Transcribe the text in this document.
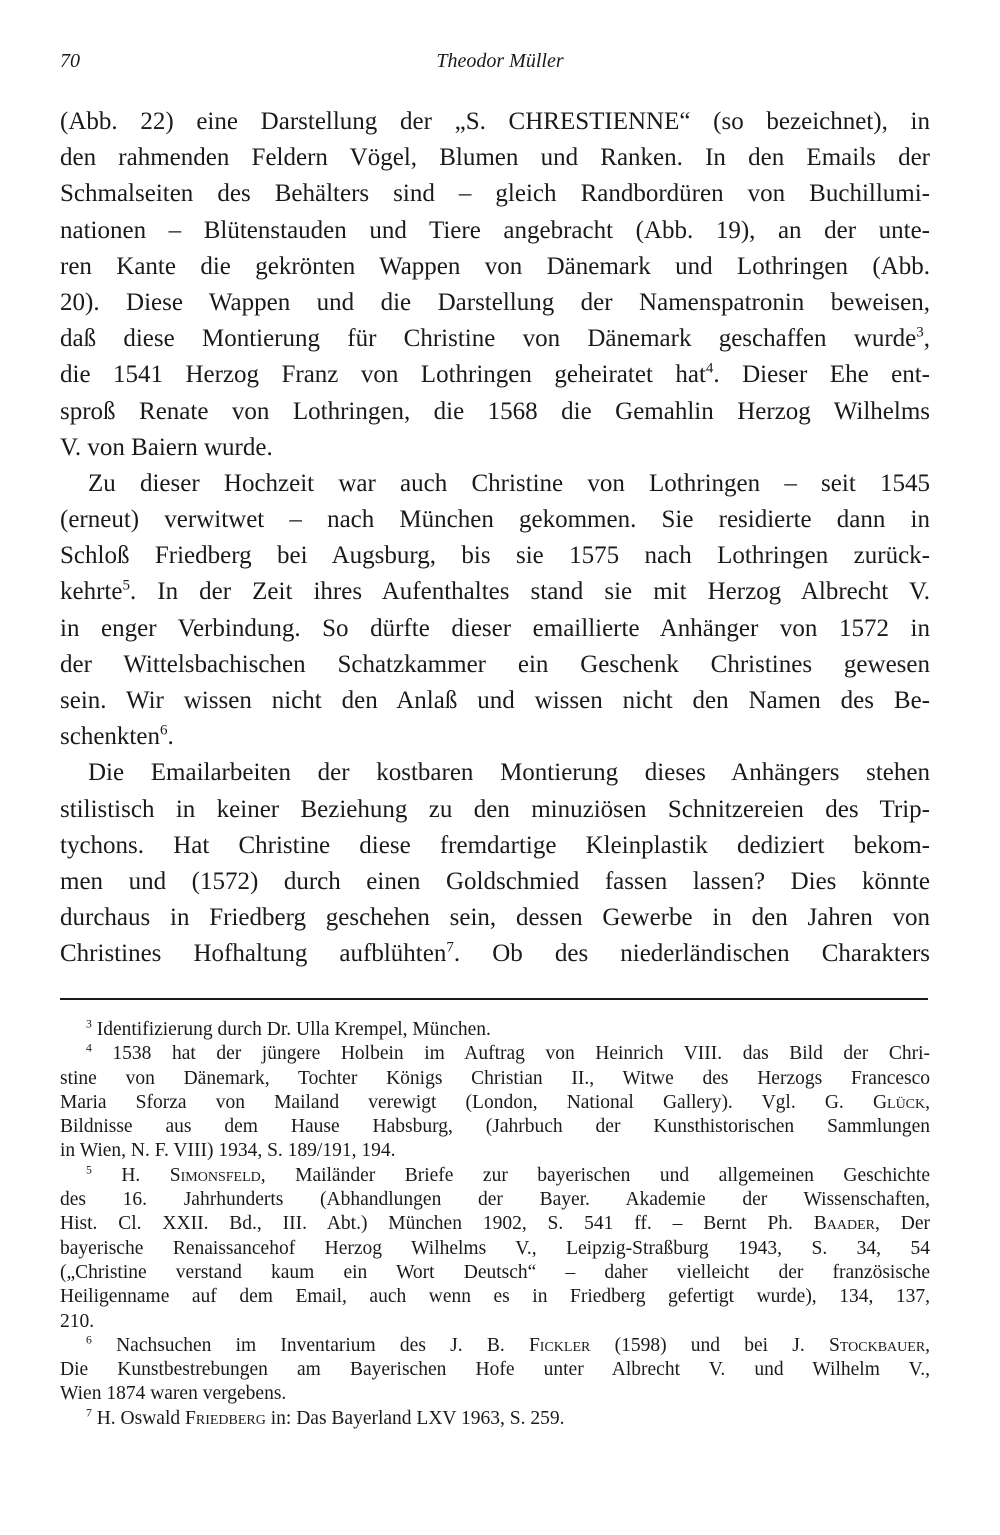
70	Theodor Müller

(Abb. 22) eine Darstellung der „S. CHRESTIENNE“ (so bezeichnet), in
den rahmenden Feldern Vögel, Blumen und Ranken. In den Emails der
Schmalseiten des Behälters sind – gleich Randbordüren von Buchillumi-
nationen – Blütenstauden und Tiere angebracht (Abb. 19), an der unte-
ren Kante die gekrönten Wappen von Dänemark und Lothringen (Abb.
20). Diese Wappen und die Darstellung der Namenspatronin beweisen,
daß diese Montierung für Christine von Dänemark geschaffen wurde$^3$,
die 1541 Herzog Franz von Lothringen geheiratet hat$^4$. Dieser Ehe ent-
sproß Renate von Lothringen, die 1568 die Gemahlin Herzog Wilhelms
V. von Baiern wurde.

Zu dieser Hochzeit war auch Christine von Lothringen – seit 1545
(erneut) verwitwet – nach München gekommen. Sie residierte dann in
Schloß Friedberg bei Augsburg, bis sie 1575 nach Lothringen zurück-
kehrte$^5$. In der Zeit ihres Aufenthaltes stand sie mit Herzog Albrecht V.
in enger Verbindung. So dürfte dieser emaillierte Anhänger von 1572 in
der Wittelsbachischen Schatzkammer ein Geschenk Christines gewesen
sein. Wir wissen nicht den Anlaß und wissen nicht den Namen des Be-
schenkten$^6$.

Die Emailarbeiten der kostbaren Montierung dieses Anhängers stehen
stilistisch in keiner Beziehung zu den minuziösen Schnitzereien des Trip-
tychons. Hat Christine diese fremdartige Kleinplastik dediziert bekom-
men und (1572) durch einen Goldschmied fassen lassen? Dies könnte
durchaus in Friedberg geschehen sein, dessen Gewerbe in den Jahren von
Christines Hofhaltung aufblühten$^7$. Ob des niederländischen Charakters

$^3$ Identifizierung durch Dr. Ulla Krempel, München.
$^4$ 1538 hat der jüngere Holbein im Auftrag von Heinrich VIII. das Bild der Chri-
stine von Dänemark, Tochter Königs Christian II., Witwe des Herzogs Francesco
Maria Sforza von Mailand verewigt (London, National Gallery). Vgl. G. Glück,
Bildnisse aus dem Hause Habsburg, (Jahrbuch der Kunsthistorischen Sammlungen
in Wien, N. F. VIII) 1934, S. 189/191, 194.
$^5$ H. Simonsfeld, Mailänder Briefe zur bayerischen und allgemeinen Geschichte
des 16. Jahrhunderts (Abhandlungen der Bayer. Akademie der Wissenschaften,
Hist. Cl. XXII. Bd., III. Abt.) München 1902, S. 541 ff. – Bernt Ph. Baader, Der
bayerische Renaissancehof Herzog Wilhelms V., Leipzig-Straßburg 1943, S. 34, 54
(„Christine verstand kaum ein Wort Deutsch“ – daher vielleicht der französische
Heiligenname auf dem Email, auch wenn es in Friedberg gefertigt wurde), 134, 137,
210.
$^6$ Nachsuchen im Inventarium des J. B. Fickler (1598) und bei J. Stockbauer,
Die Kunstbestrebungen am Bayerischen Hofe unter Albrecht V. und Wilhelm V.,
Wien 1874 waren vergebens.
$^7$ H. Oswald Friedberg in: Das Bayerland LXV 1963, S. 259.
